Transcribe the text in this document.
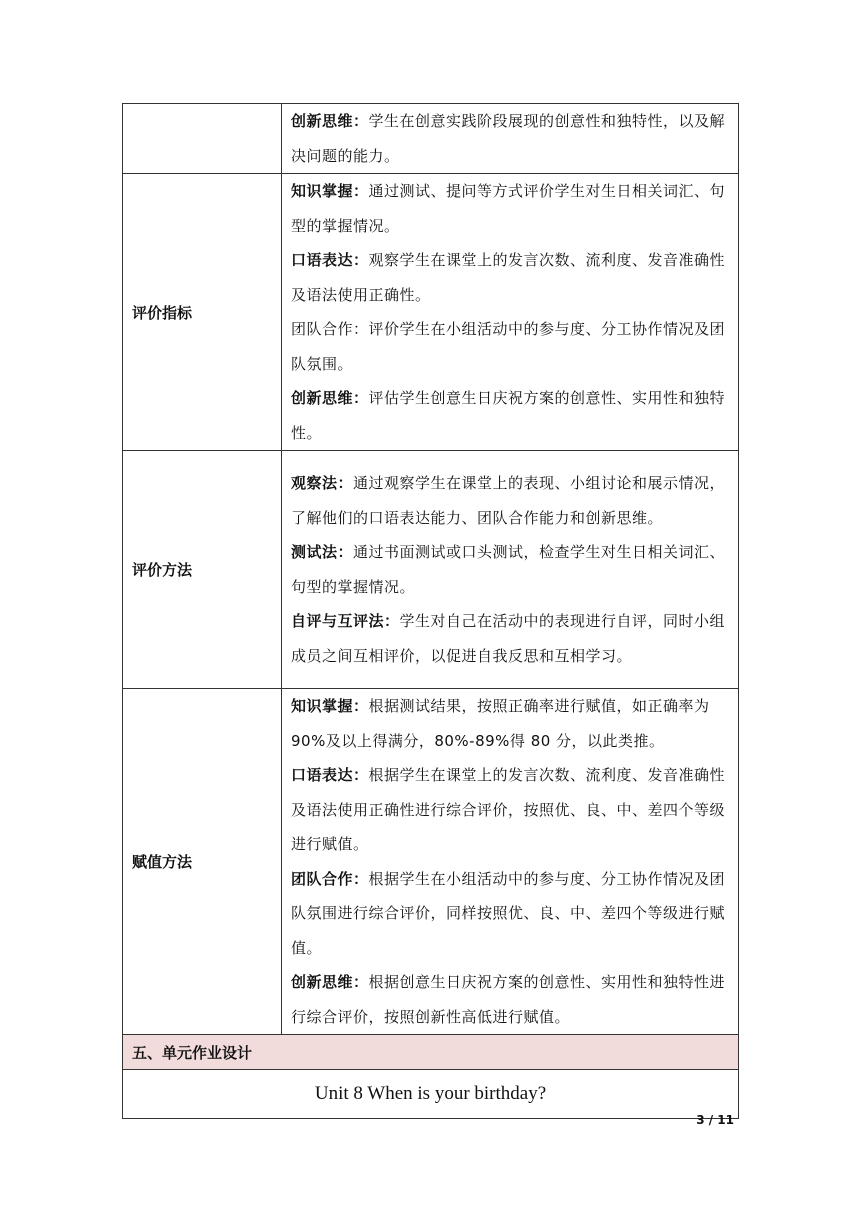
	创新思维：学生在创意实践阶段展现的创意性和独特性，以及解决问题的能力。

评价指标	知识掌握：通过测试、提问等方式评价学生对生日相关词汇、句型的掌握情况。

口语表达：观察学生在课堂上的发言次数、流利度、发音准确性及语法使用正确性。

团队合作：评价学生在小组活动中的参与度、分工协作情况及团队氛围。

创新思维：评估学生创意生日庆祝方案的创意性、实用性和独特性。

评价方法	观察法：通过观察学生在课堂上的表现、小组讨论和展示情况，了解他们的口语表达能力、团队合作能力和创新思维。

测试法：通过书面测试或口头测试，检查学生对生日相关词汇、句型的掌握情况。

自评与互评法：学生对自己在活动中的表现进行自评，同时小组成员之间互相评价，以促进自我反思和互相学习。

赋值方法	知识掌握：根据测试结果，按照正确率进行赋值，如正确率为 90%及以上得满分，80%-89%得 80 分，以此类推。

口语表达：根据学生在课堂上的发言次数、流利度、发音准确性及语法使用正确性进行综合评价，按照优、良、中、差四个等级进行赋值。

团队合作：根据学生在小组活动中的参与度、分工协作情况及团队氛围进行综合评价，同样按照优、良、中、差四个等级进行赋值。

创新思维：根据创意生日庆祝方案的创意性、实用性和独特性进行综合评价，按照创新性高低进行赋值。

五、单元作业设计	
Unit 8 When is your birthday?	
3 / 11
